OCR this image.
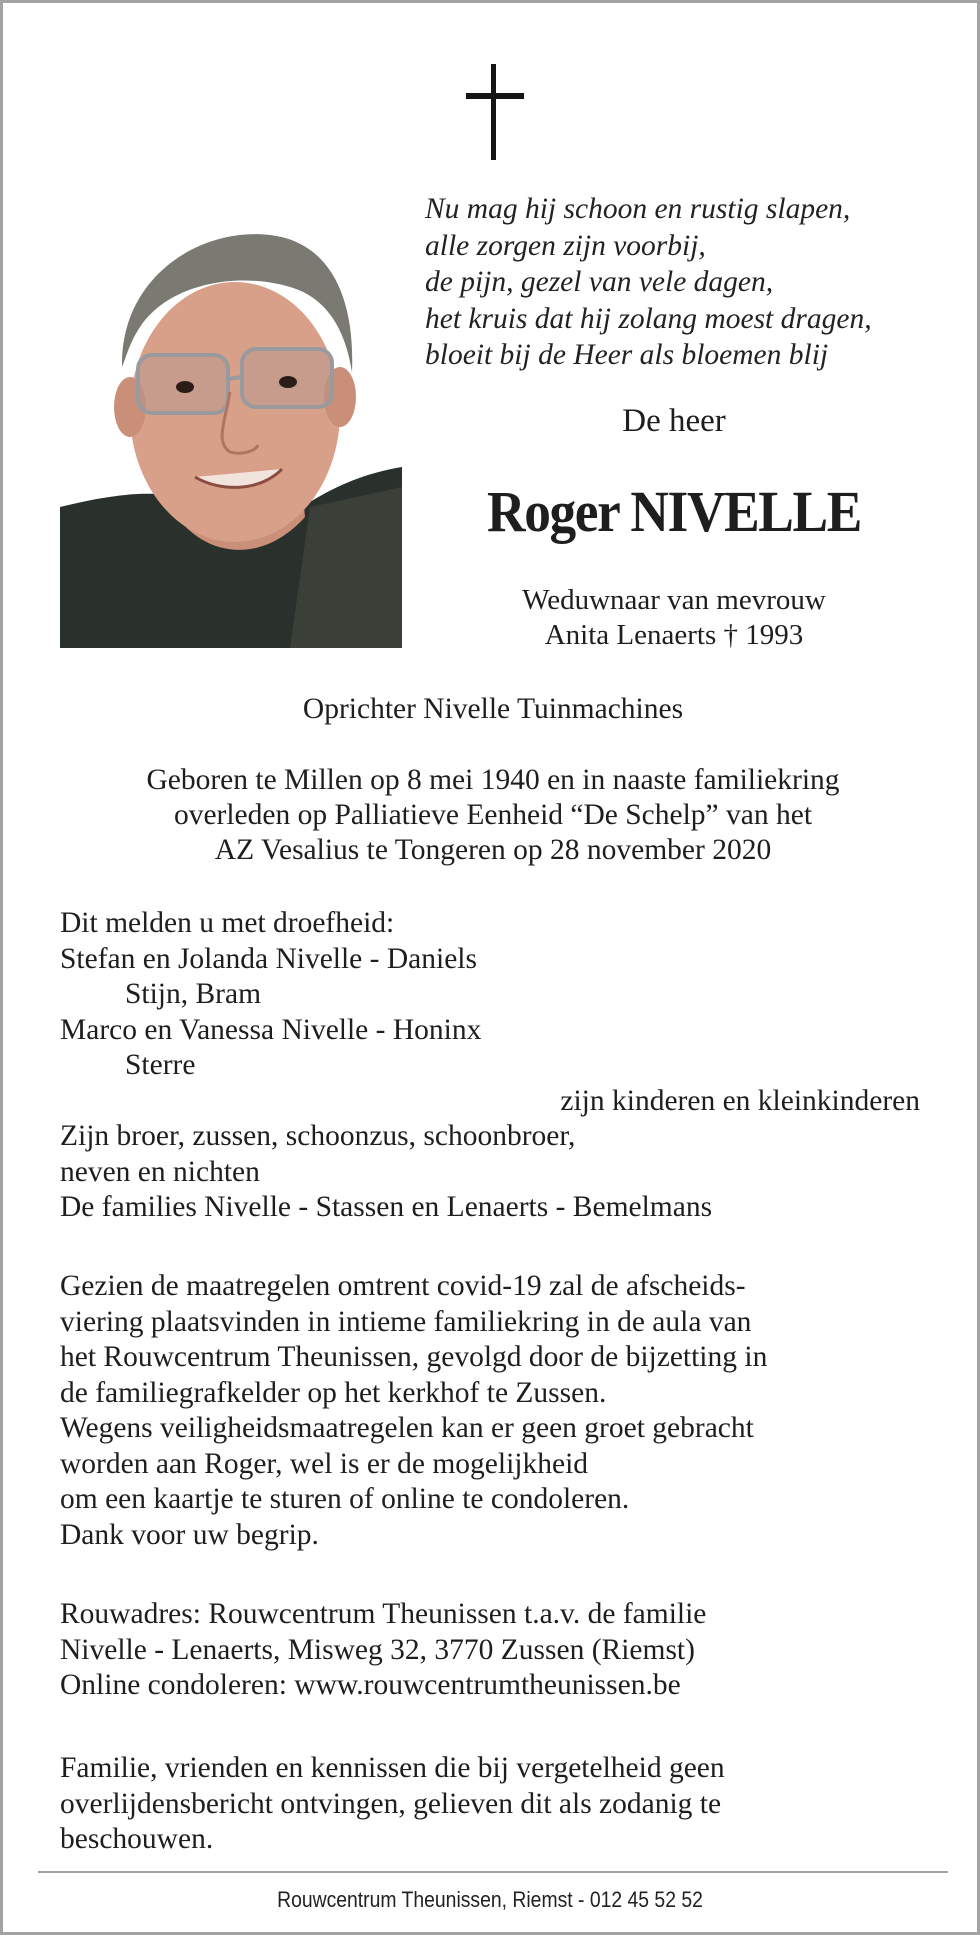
Nu mag hij schoon en rustig slapen,
alle zorgen zijn voorbij,
de pijn, gezel van vele dagen,
het kruis dat hij zolang moest dragen,
bloeit bij de Heer als bloemen blij
De heer
Roger NIVELLE
Weduwnaar van mevrouw
Anita Lenaerts † 1993
Oprichter Nivelle Tuinmachines
Geboren te Millen op 8 mei 1940 en in naaste familiekring
overleden op Palliatieve Eenheid “De Schelp” van het
AZ Vesalius te Tongeren op 28 november 2020
Dit melden u met droefheid:
Stefan en Jolanda Nivelle - Daniels
Stijn, Bram
Marco en Vanessa Nivelle - Honinx
Sterre
zijn kinderen en kleinkinderen
Zijn broer, zussen, schoonzus, schoonbroer,
neven en nichten
De families Nivelle - Stassen en Lenaerts - Bemelmans
Gezien de maatregelen omtrent covid-19 zal de afscheids-
viering plaatsvinden in intieme familiekring in de aula van
het Rouwcentrum Theunissen, gevolgd door de bijzetting in
de familiegrafkelder op het kerkhof te Zussen.
Wegens veiligheidsmaatregelen kan er geen groet gebracht
worden aan Roger, wel is er de mogelijkheid
om een kaartje te sturen of online te condoleren.
Dank voor uw begrip.
Rouwadres: Rouwcentrum Theunissen t.a.v. de familie
Nivelle - Lenaerts, Misweg 32, 3770 Zussen (Riemst)
Online condoleren: www.rouwcentrumtheunissen.be
Familie, vrienden en kennissen die bij vergetelheid geen
overlijdensbericht ontvingen, gelieven dit als zodanig te
beschouwen.
Rouwcentrum Theunissen, Riemst - 012 45 52 52
